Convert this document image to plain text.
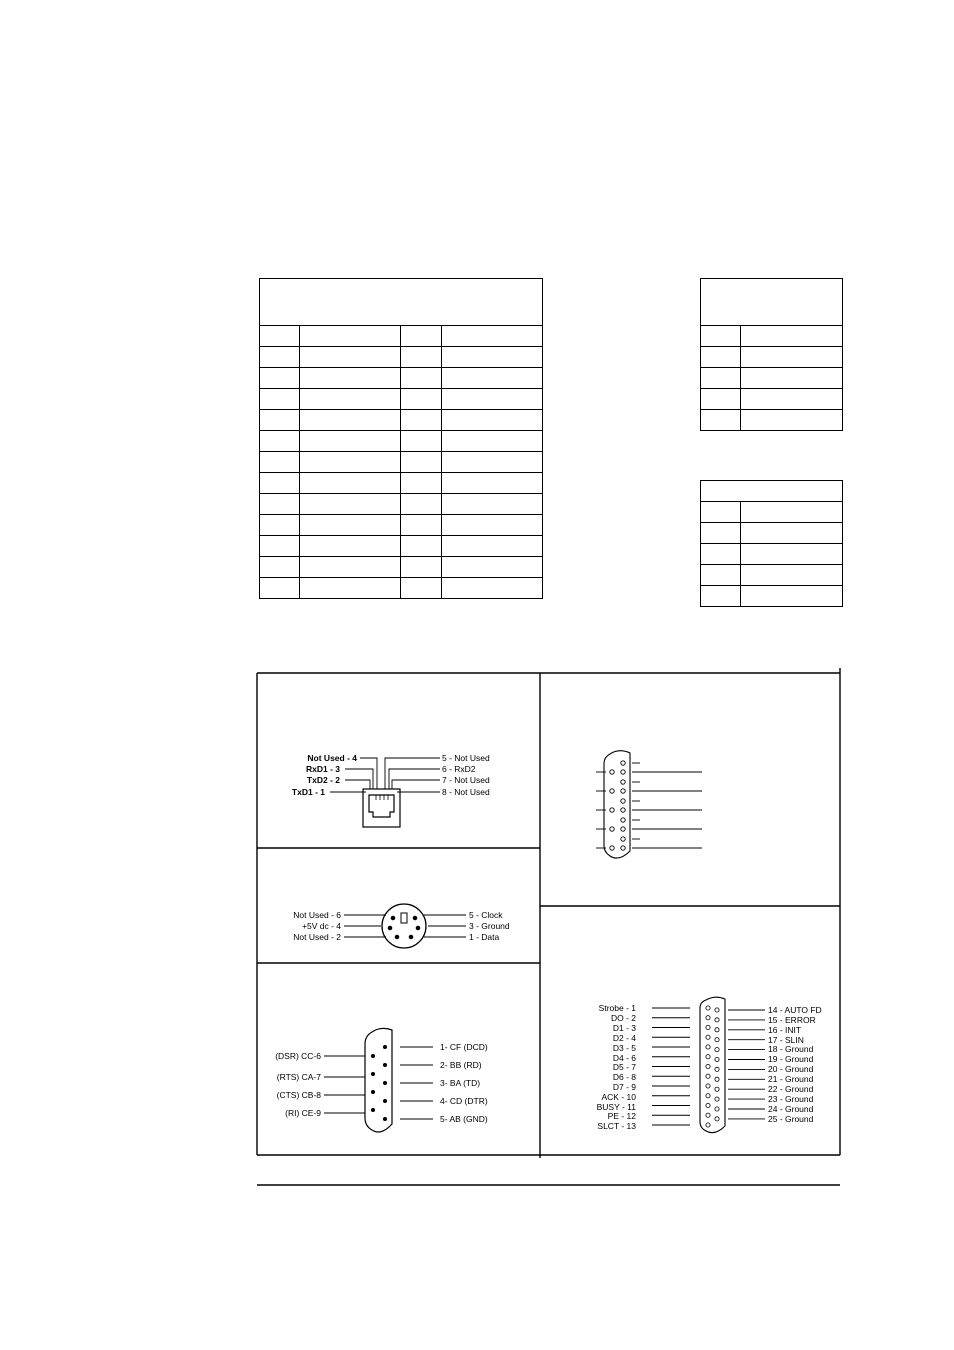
Not Used - 4
RxD1 - 3
TxD2 - 2
TxD1 - 1
5 - Not Used
6 - RxD2
7 - Not Used
8 - Not Used
Not Used - 6
+5V dc - 4
Not Used - 2
5 - Clock
3 - Ground
1 - Data
(DSR) CC-6
(RTS) CA-7
(CTS) CB-8
(RI) CE-9
1- CF (DCD)
2- BB (RD)
3- BA (TD)
4- CD (DTR)
5- AB (GND)
Strobe - 1
DO - 2
D1 - 3
D2 - 4
D3 - 5
D4 - 6
D5 - 7
D6 - 8
D7 - 9
ACK - 10
BUSY - 11
PE - 12
SLCT - 13
14 - AUTO FD
15 - ERROR
16 - INIT
17 - SLIN
18 - Ground
19 - Ground
20 - Ground
21 - Ground
22 - Ground
23 - Ground
24 - Ground
25 - Ground
